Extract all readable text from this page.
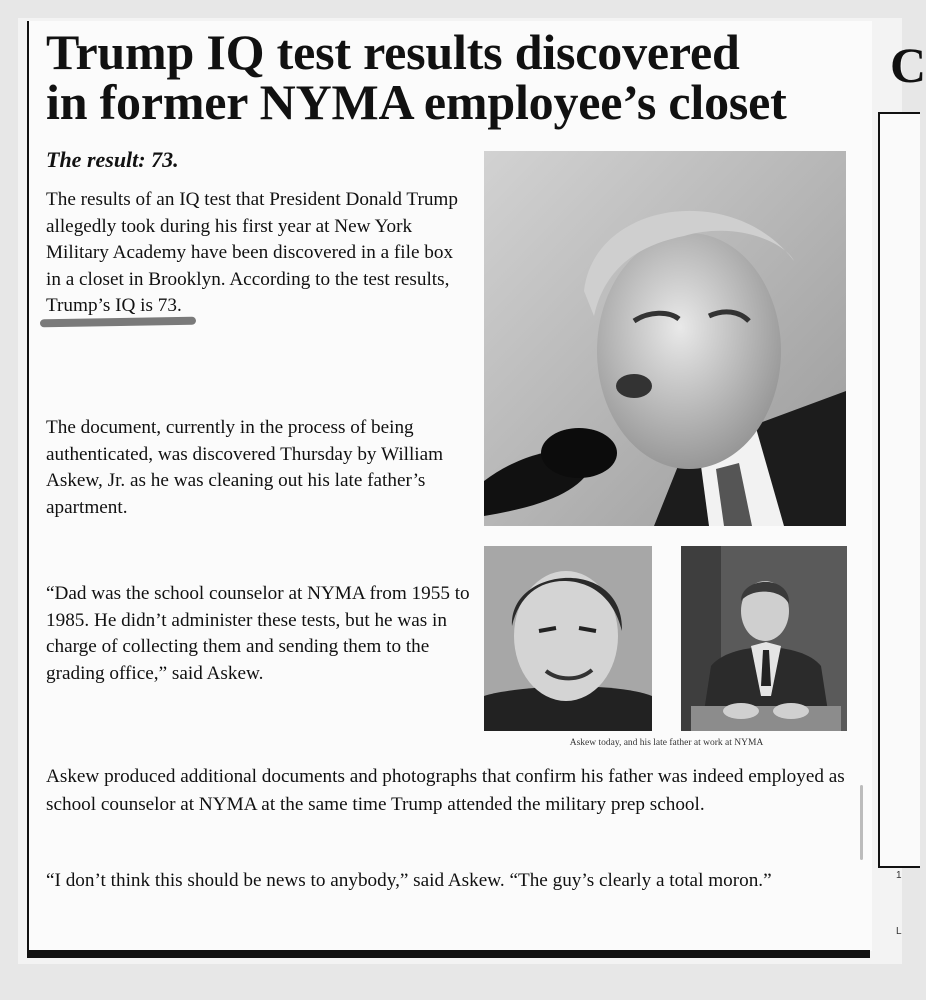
C
1
L
Trump IQ test results discovered
in former NYMA employee’s closet
The result: 73.

The results of an IQ test that President Donald Trump allegedly took during his first year at New York Military Academy have been discovered in a file box in a closet in Brooklyn. According to the test results, Trump’s IQ is 73.

The document, currently in the process of being authenticated, was discovered Thursday by William Askew, Jr. as he was cleaning out his late father’s apartment.

“Dad was the school counselor at NYMA from 1955 to 1985. He didn’t administer these tests, but he was in charge of collecting them and sending them to the grading office,” said Askew.

Askew today, and his late father at work at NYMA

Askew produced additional documents and photographs that confirm his father was indeed employed as school counselor at NYMA at the same time Trump attended the military prep school.

“I don’t think this should be news to anybody,” said Askew. “The guy’s clearly a total moron.”
